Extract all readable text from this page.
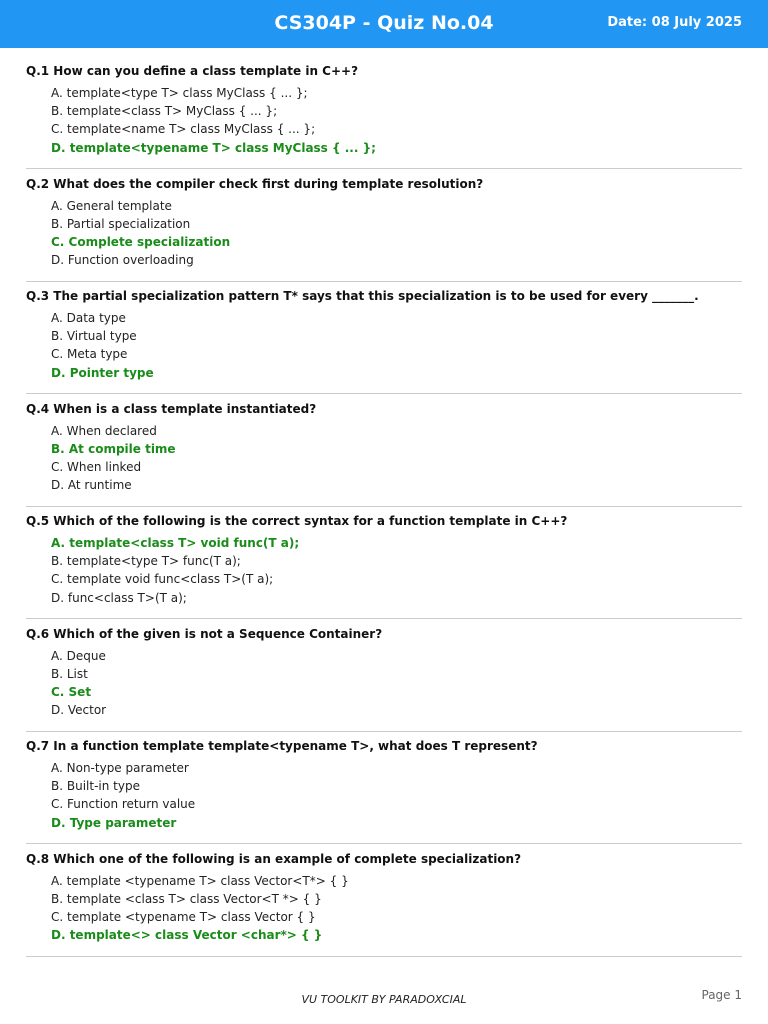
CS304P - Quiz No.04	Date: 08 July 2025
Q.1 How can you define a class template in C++?
A. template<type T> class MyClass { ... };
B. template<class T> MyClass { ... };
C. template<name T> class MyClass { ... };
D. template<typename T> class MyClass { ... };
Q.2 What does the compiler check first during template resolution?
A. General template
B. Partial specialization
C. Complete specialization
D. Function overloading
Q.3 The partial specialization pattern T* says that this specialization is to be used for every _______.
A. Data type
B. Virtual type
C. Meta type
D. Pointer type
Q.4 When is a class template instantiated?
A. When declared
B. At compile time
C. When linked
D. At runtime
Q.5 Which of the following is the correct syntax for a function template in C++?
A. template<class T> void func(T a);
B. template<type T> func(T a);
C. template void func<class T>(T a);
D. func<class T>(T a);
Q.6 Which of the given is not a Sequence Container?
A. Deque
B. List
C. Set
D. Vector
Q.7 In a function template template<typename T>, what does T represent?
A. Non-type parameter
B. Built-in type
C. Function return value
D. Type parameter
Q.8 Which one of the following is an example of complete specialization?
A. template <typename T> class Vector<T*> { }
B. template <class T> class Vector<T *> { }
C. template <typename T> class Vector { }
D. template<> class Vector <char*> { }
VU TOOLKIT BY PARADOXCIAL	Page 1
